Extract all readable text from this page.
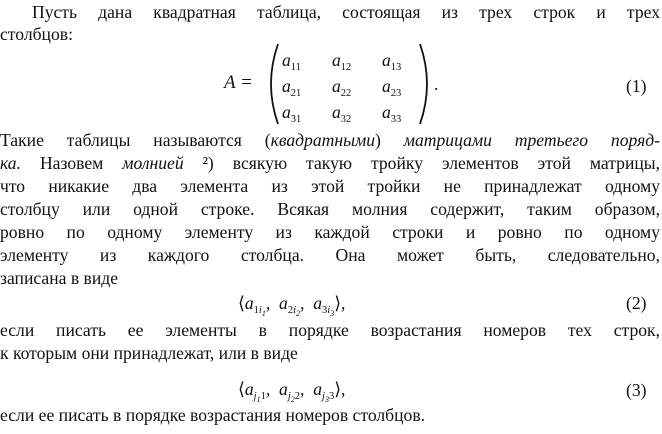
Пусть дана квадратная таблица, состоящая из трех строк и трех
столбцов:
A =
$a_{11}$ $a_{12}$ $a_{13}$
$a_{21}$ $a_{22}$ $a_{23}$
$a_{31}$ $a_{32}$ $a_{33}$
.	(1)
Такие таблицы называются (квадратными) матрицами третьего поряд-
ка. Назовем молнией ²) всякую такую тройку элементов этой матрицы,
что никакие два элемента из этой тройки не принадлежат одному
столбцу или одной строке. Всякая молния содержит, таким образом,
ровно по одному элементу из каждой строки и ровно по одному
элементу из каждого столбца. Она может быть, следовательно,
записана в виде
$⟨a_{1i_1}$,  $a_{2i_2}$,  $a_{3i_3}⟩$,	(2)
если писать ее элементы в порядке возрастания номеров тех строк,
к которым они принадлежат, или в виде
$⟨a_{j_11}$,  $a_{j_22}$,  $a_{j_33}⟩$,	(3)
если ее писать в порядке возрастания номеров столбцов.
